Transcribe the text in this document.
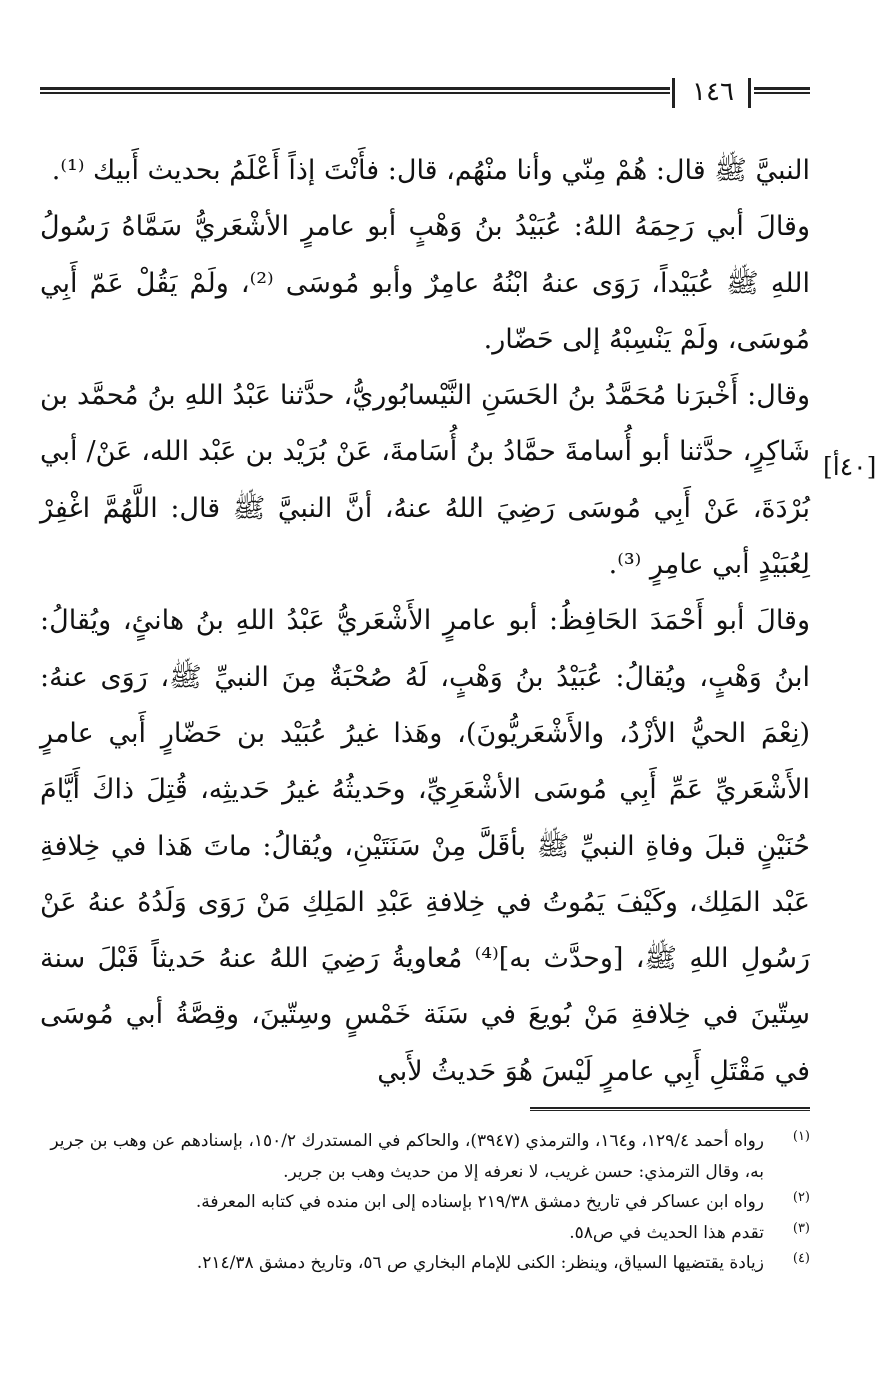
١٤٦
[٤٠أ]

النبيَّ ﷺ قال: هُمْ مِنّي وأنا منْهُم، قال: فأَنْتَ إذاً أَعْلَمُ بحديث أَبيك ⁽¹⁾.

وقالَ أبي رَحِمَهُ اللهُ: عُبَيْدُ بنُ وَهْبٍ أبو عامرٍ الأشْعَريُّ سَمَّاهُ رَسُولُ اللهِ ﷺ عُبَيْداً، رَوَى عنهُ ابْنُهُ عامِرٌ وأبو مُوسَى ⁽²⁾، ولَمْ يَقُلْ عَمّ أَبِي مُوسَى، ولَمْ يَنْسِبْهُ إلى حَضّار.

وقال: أَخْبرَنا مُحَمَّدُ بنُ الحَسَنِ النَّيْسابُوريُّ، حدَّثنا عَبْدُ اللهِ بنُ مُحمَّد بن شَاكِرٍ، حدَّثنا أبو أُسامةَ حمَّادُ بنُ أُسَامةَ، عَنْ بُرَيْد بن عَبْد الله، عَنْ/ أبي بُرْدَةَ، عَنْ أَبِي مُوسَى رَضِيَ اللهُ عنهُ، أنَّ النبيَّ ﷺ قال: اللَّهُمَّ اغْفِرْ لِعُبَيْدٍ أبي عامِرٍ ⁽³⁾.

وقالَ أبو أَحْمَدَ الحَافِظُ: أبو عامرٍ الأَشْعَريُّ عَبْدُ اللهِ بنُ هانئٍ، ويُقالُ: ابنُ وَهْبٍ، ويُقالُ: عُبَيْدُ بنُ وَهْبٍ، لَهُ صُحْبَةٌ مِنَ النبيِّ ﷺ، رَوَى عنهُ: (نِعْمَ الحيُّ الأزْدُ، والأَشْعَريُّونَ)، وهَذا غيرُ عُبَيْد بن حَضّارٍ أَبي عامرٍ الأَشْعَريِّ عَمِّ أَبِي مُوسَى الأشْعَرِيِّ، وحَديثُهُ غيرُ حَديثِه، قُتِلَ ذاكَ أَيَّامَ حُنَيْنٍ قبلَ وفاةِ النبيِّ ﷺ بأقَلَّ مِنْ سَنَتَيْنِ، ويُقالُ: ماتَ هَذا في خِلافةِ عَبْد المَلِك، وكَيْفَ يَمُوتُ في خِلافةِ عَبْدِ المَلِكِ مَنْ رَوَى وَلَدُهُ عنهُ عَنْ رَسُولِ اللهِ ﷺ، [وحدَّث به]⁽⁴⁾ مُعاويةُ رَضِيَ اللهُ عنهُ حَديثاً قَبْلَ سنة سِتّينَ في خِلافةِ مَنْ بُويعَ في سَنَة خَمْسٍ وسِتّينَ، وقِصَّةُ أبي مُوسَى في مَقْتَلِ أَبِي عامرٍ لَيْسَ هُوَ حَديثُ لأَبي

(١)
رواه أحمد ١٢٩/٤، و١٦٤، والترمذي (٣٩٤٧)، والحاكم في المستدرك ١٥٠/٢، بإسنادهم عن وهب بن جرير به، وقال الترمذي: حسن غريب، لا نعرفه إلا من حديث وهب بن جرير.

(٢)
رواه ابن عساكر في تاريخ دمشق ٢١٩/٣٨ بإسناده إلى ابن منده في كتابه المعرفة.

(٣)
تقدم هذا الحديث في ص٥٨.

(٤)
زيادة يقتضيها السياق، وينظر: الكنى للإمام البخاري ص ٥٦، وتاريخ دمشق ٢١٤/٣٨.
